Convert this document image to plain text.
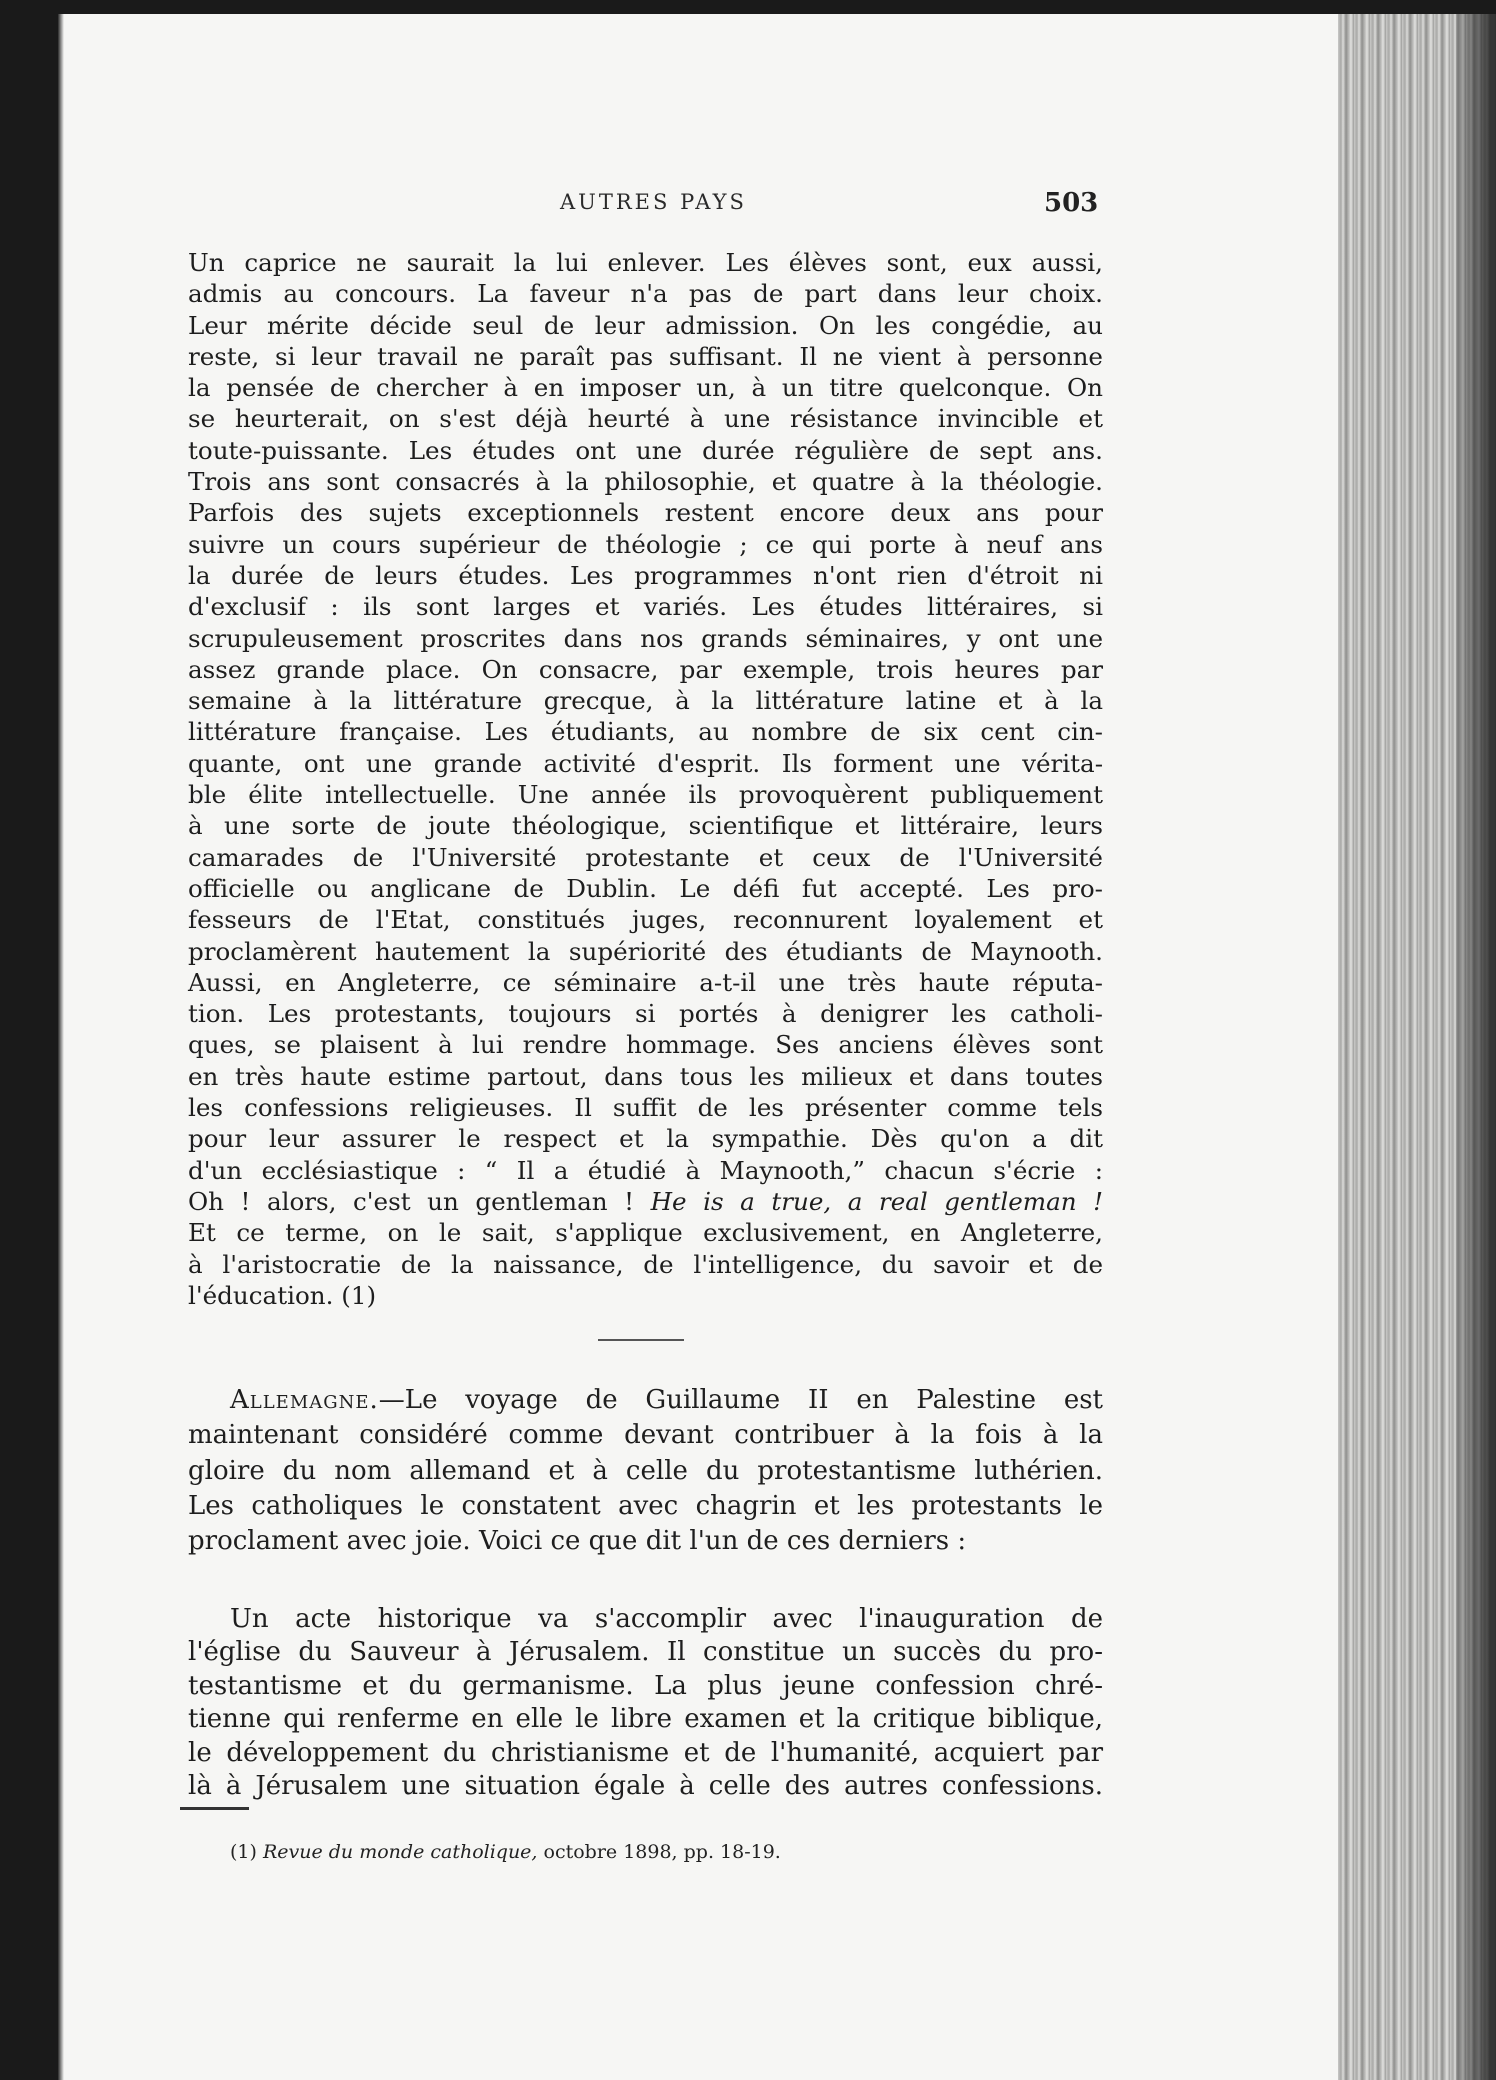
AUTRES PAYS	503
Un caprice ne saurait la lui enlever. Les élèves sont, eux aussi,
admis au concours. La faveur n'a pas de part dans leur choix.
Leur mérite décide seul de leur admission. On les congédie, au
reste, si leur travail ne paraît pas suffisant. Il ne vient à personne
la pensée de chercher à en imposer un, à un titre quelconque. On
se heurterait, on s'est déjà heurté à une résistance invincible et
toute-puissante. Les études ont une durée régulière de sept ans.
Trois ans sont consacrés à la philosophie, et quatre à la théologie.
Parfois des sujets exceptionnels restent encore deux ans pour
suivre un cours supérieur de théologie ; ce qui porte à neuf ans
la durée de leurs études. Les programmes n'ont rien d'étroit ni
d'exclusif : ils sont larges et variés. Les études littéraires, si
scrupuleusement proscrites dans nos grands séminaires, y ont une
assez grande place. On consacre, par exemple, trois heures par
semaine à la littérature grecque, à la littérature latine et à la
littérature française. Les étudiants, au nombre de six cent cin-
quante, ont une grande activité d'esprit. Ils forment une vérita-
ble élite intellectuelle. Une année ils provoquèrent publiquement
à une sorte de joute théologique, scientifique et littéraire, leurs
camarades de l'Université protestante et ceux de l'Université
officielle ou anglicane de Dublin. Le défi fut accepté. Les pro-
fesseurs de l'Etat, constitués juges, reconnurent loyalement et
proclamèrent hautement la supériorité des étudiants de Maynooth.
Aussi, en Angleterre, ce séminaire a-t-il une très haute réputa-
tion. Les protestants, toujours si portés à denigrer les catholi-
ques, se plaisent à lui rendre hommage. Ses anciens élèves sont
en très haute estime partout, dans tous les milieux et dans toutes
les confessions religieuses. Il suffit de les présenter comme tels
pour leur assurer le respect et la sympathie. Dès qu'on a dit
d'un ecclésiastique : “ Il a étudié à Maynooth,” chacun s'écrie :
Oh ! alors, c'est un gentleman ! He is a true, a real gentleman !
Et ce terme, on le sait, s'applique exclusivement, en Angleterre,
à l'aristocratie de la naissance, de l'intelligence, du savoir et de
l'éducation. (1)
Allemagne.—Le voyage de Guillaume II en Palestine est
maintenant considéré comme devant contribuer à la fois à la
gloire du nom allemand et à celle du protestantisme luthérien.
Les catholiques le constatent avec chagrin et les protestants le
proclament avec joie. Voici ce que dit l'un de ces derniers :
Un acte historique va s'accomplir avec l'inauguration de
l'église du Sauveur à Jérusalem. Il constitue un succès du pro-
testantisme et du germanisme. La plus jeune confession chré-
tienne qui renferme en elle le libre examen et la critique biblique,
le développement du christianisme et de l'humanité, acquiert par
là à Jérusalem une situation égale à celle des autres confessions.
(1) Revue du monde catholique, octobre 1898, pp. 18-19.
